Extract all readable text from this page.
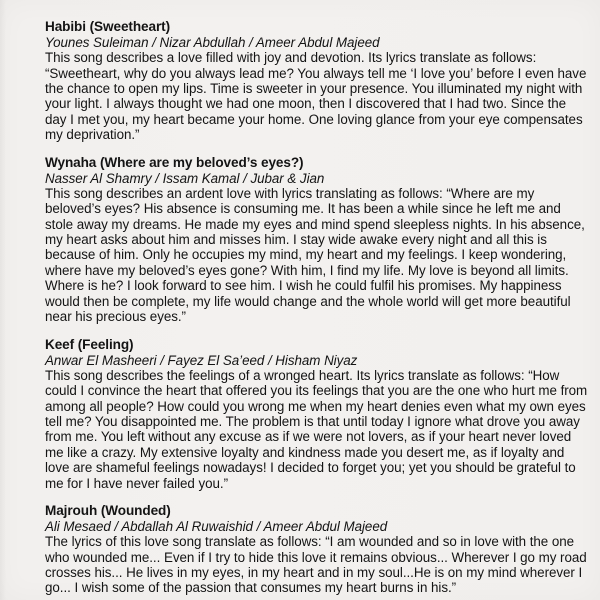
Habibi (Sweetheart)
Younes Suleiman / Nizar Abdullah / Ameer Abdul Majeed

This song describes a love filled with joy and devotion. Its lyrics translate as follows: “Sweetheart, why do you always lead me? You always tell me ‘I love you’ before I even have the chance to open my lips. Time is sweeter in your presence. You illuminated my night with your light. I always thought we had one moon, then I discovered that I had two. Since the day I met you, my heart became your home. One loving glance from your eye compensates my deprivation.”

Wynaha (Where are my beloved’s eyes?)
Nasser Al Shamry / Issam Kamal / Jubar & Jian

This song describes an ardent love with lyrics translating as follows: “Where are my beloved’s eyes? His absence is consuming me. It has been a while since he left me and stole away my dreams. He made my eyes and mind spend sleepless nights. In his absence, my heart asks about him and misses him. I stay wide awake every night and all this is because of him. Only he occupies my mind, my heart and my feelings. I keep wondering, where have my beloved’s eyes gone? With him, I find my life. My love is beyond all limits. Where is he? I look forward to see him. I wish he could fulfil his promises. My happiness would then be complete, my life would change and the whole world will get more beautiful near his precious eyes.”

Keef (Feeling)
Anwar El Masheeri / Fayez El Sa’eed / Hisham Niyaz

This song describes the feelings of a wronged heart. Its lyrics translate as follows: “How could I convince the heart that offered you its feelings that you are the one who hurt me from among all people? How could you wrong me when my heart denies even what my own eyes tell me? You disappointed me. The problem is that until today I ignore what drove you away from me. You left without any excuse as if we were not lovers, as if your heart never loved me like a crazy. My extensive loyalty and kindness made you desert me, as if loyalty and love are shameful feelings nowadays! I decided to forget you; yet you should be grateful to me for I have never failed you.”

Majrouh (Wounded)
Ali Mesaed / Abdallah Al Ruwaishid / Ameer Abdul Majeed

The lyrics of this love song translate as follows: “I am wounded and so in love with the one who wounded me... Even if I try to hide this love it remains obvious... Wherever I go my road crosses his... He lives in my eyes, in my heart and in my soul...He is on my mind wherever I go... I wish some of the passion that consumes my heart burns in his.”
